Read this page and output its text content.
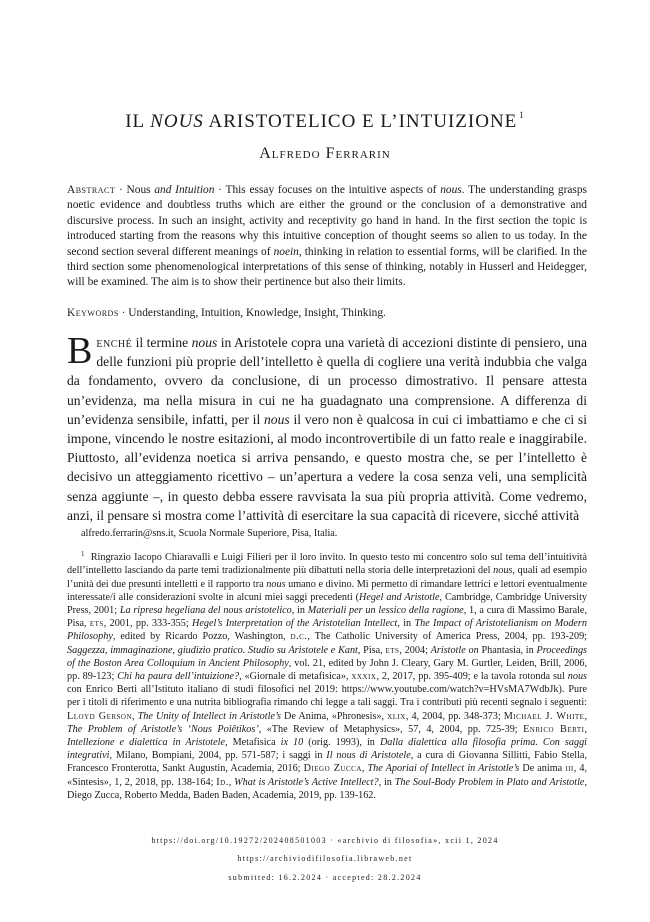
IL NOUS ARISTOTELICO E L’INTUIZIONE $^1$
Alfredo Ferrarin
Abstract · Nous and Intuition · This essay focuses on the intuitive aspects of nous. The understanding grasps noetic evidence and doubtless truths which are either the ground or the conclusion of a demonstrative and discursive process. In such an insight, activity and receptivity go hand in hand. In the first section the topic is introduced starting from the reasons why this intuitive conception of thought seems so alien to us today. In the second section several different meanings of noein, thinking in relation to essential forms, will be clarified. In the third section some phenomenological interpretations of this sense of thinking, notably in Husserl and Heidegger, will be examined. The aim is to show their pertinence but also their limits.
Keywords · Understanding, Intuition, Knowledge, Insight, Thinking.
Benché il termine nous in Aristotele copra una varietà di accezioni distinte di pensiero, una delle funzioni più proprie dell’intelletto è quella di cogliere una verità indubbia che valga da fondamento, ovvero da conclusione, di un processo dimostrativo. Il pensare attesta un’evidenza, ma nella misura in cui ne ha guadagnato una comprensione. A differenza di un’evidenza sensibile, infatti, per il nous il vero non è qualcosa in cui ci imbattiamo e che ci si impone, vincendo le nostre esitazioni, al modo incontrovertibile di un fatto reale e inaggirabile. Piuttosto, all’evidenza noetica si arriva pensando, e questo mostra che, se per l’intelletto è decisivo un atteggiamento ricettivo – un’apertura a vedere la cosa senza veli, una semplicità senza aggiunte –, in questo debba essere ravvisata la sua più propria attività. Come vedremo, anzi, il pensare si mostra come l’attività di esercitare la sua capacità di ricevere, sicché attività
alfredo.ferrarin@sns.it, Scuola Normale Superiore, Pisa, Italia.
$^1$ Ringrazio Iacopo Chiaravalli e Luigi Filieri per il loro invito. In questo testo mi concentro solo sul tema dell’intuitività dell’intelletto lasciando da parte temi tradizionalmente più dibattuti nella storia delle interpretazioni del nous, quali ad esempio l’unità dei due presunti intelletti e il rapporto tra nous umano e divino. Mi permetto di rimandare lettrici e lettori eventualmente interessate/i alle considerazioni svolte in alcuni miei saggi precedenti (Hegel and Aristotle, Cambridge, Cambridge University Press, 2001; La ripresa hegeliana del nous aristotelico, in Materiali per un lessico della ragione, 1, a cura di Massimo Barale, Pisa, ets, 2001, pp. 333-355; Hegel’s Interpretation of the Aristotelian Intellect, in The Impact of Aristotelianism on Modern Philosophy, edited by Ricardo Pozzo, Washington, d.c., The Catholic University of America Press, 2004, pp. 193-209; Saggezza, immaginazione, giudizio pratico. Studio su Aristotele e Kant, Pisa, ets, 2004; Aristotle on Phantasia, in Proceedings of the Boston Area Colloquium in Ancient Philosophy, vol. 21, edited by John J. Cleary, Gary M. Gurtler, Leiden, Brill, 2006, pp. 89-123; Chi ha paura dell’intuizione?, «Giornale di metafisica», xxxix, 2, 2017, pp. 395-409; e la tavola rotonda sul nous con Enrico Berti all’Istituto italiano di studi filosofici nel 2019: https://www.youtube.com/watch?v=HVsMA7WdbJk). Pure per i titoli di riferimento e una nutrita bibliografia rimando chi legge a tali saggi. Tra i contributi più recenti segnalo i seguenti: Lloyd Gerson, The Unity of Intellect in Aristotle’s De Anima, «Phronesis», xlix, 4, 2004, pp. 348-373; Michael J. White, The Problem of Aristotle’s ‘Nous Poiêtikos’, «The Review of Metaphysics», 57, 4, 2004, pp. 725-39; Enrico Berti, Intellezione e dialettica in Aristotele, Metafisica ix 10 (orig. 1993), in Dalla dialettica alla filosofia prima. Con saggi integrativi, Milano, Bompiani, 2004, pp. 571-587; i saggi in Il nous di Aristotele, a cura di Giovanna Sillitti, Fabio Stella, Francesco Fronterotta, Sankt Augustin, Academia, 2016; Diego Zucca, The Aporiai of Intellect in Aristotle’s De anima iii, 4, «Sintesis», 1, 2, 2018, pp. 138-164; Id., What is Aristotle’s Active Intellect?, in The Soul-Body Problem in Plato and Aristotle, Diego Zucca, Roberto Medda, Baden Baden, Academia, 2019, pp. 139-162.
https://doi.org/10.19272/202408501003 · «archivio di filosofia», xcii 1, 2024
https://archiviodifilosofia.libraweb.net
submitted: 16.2.2024 · accepted: 28.2.2024
